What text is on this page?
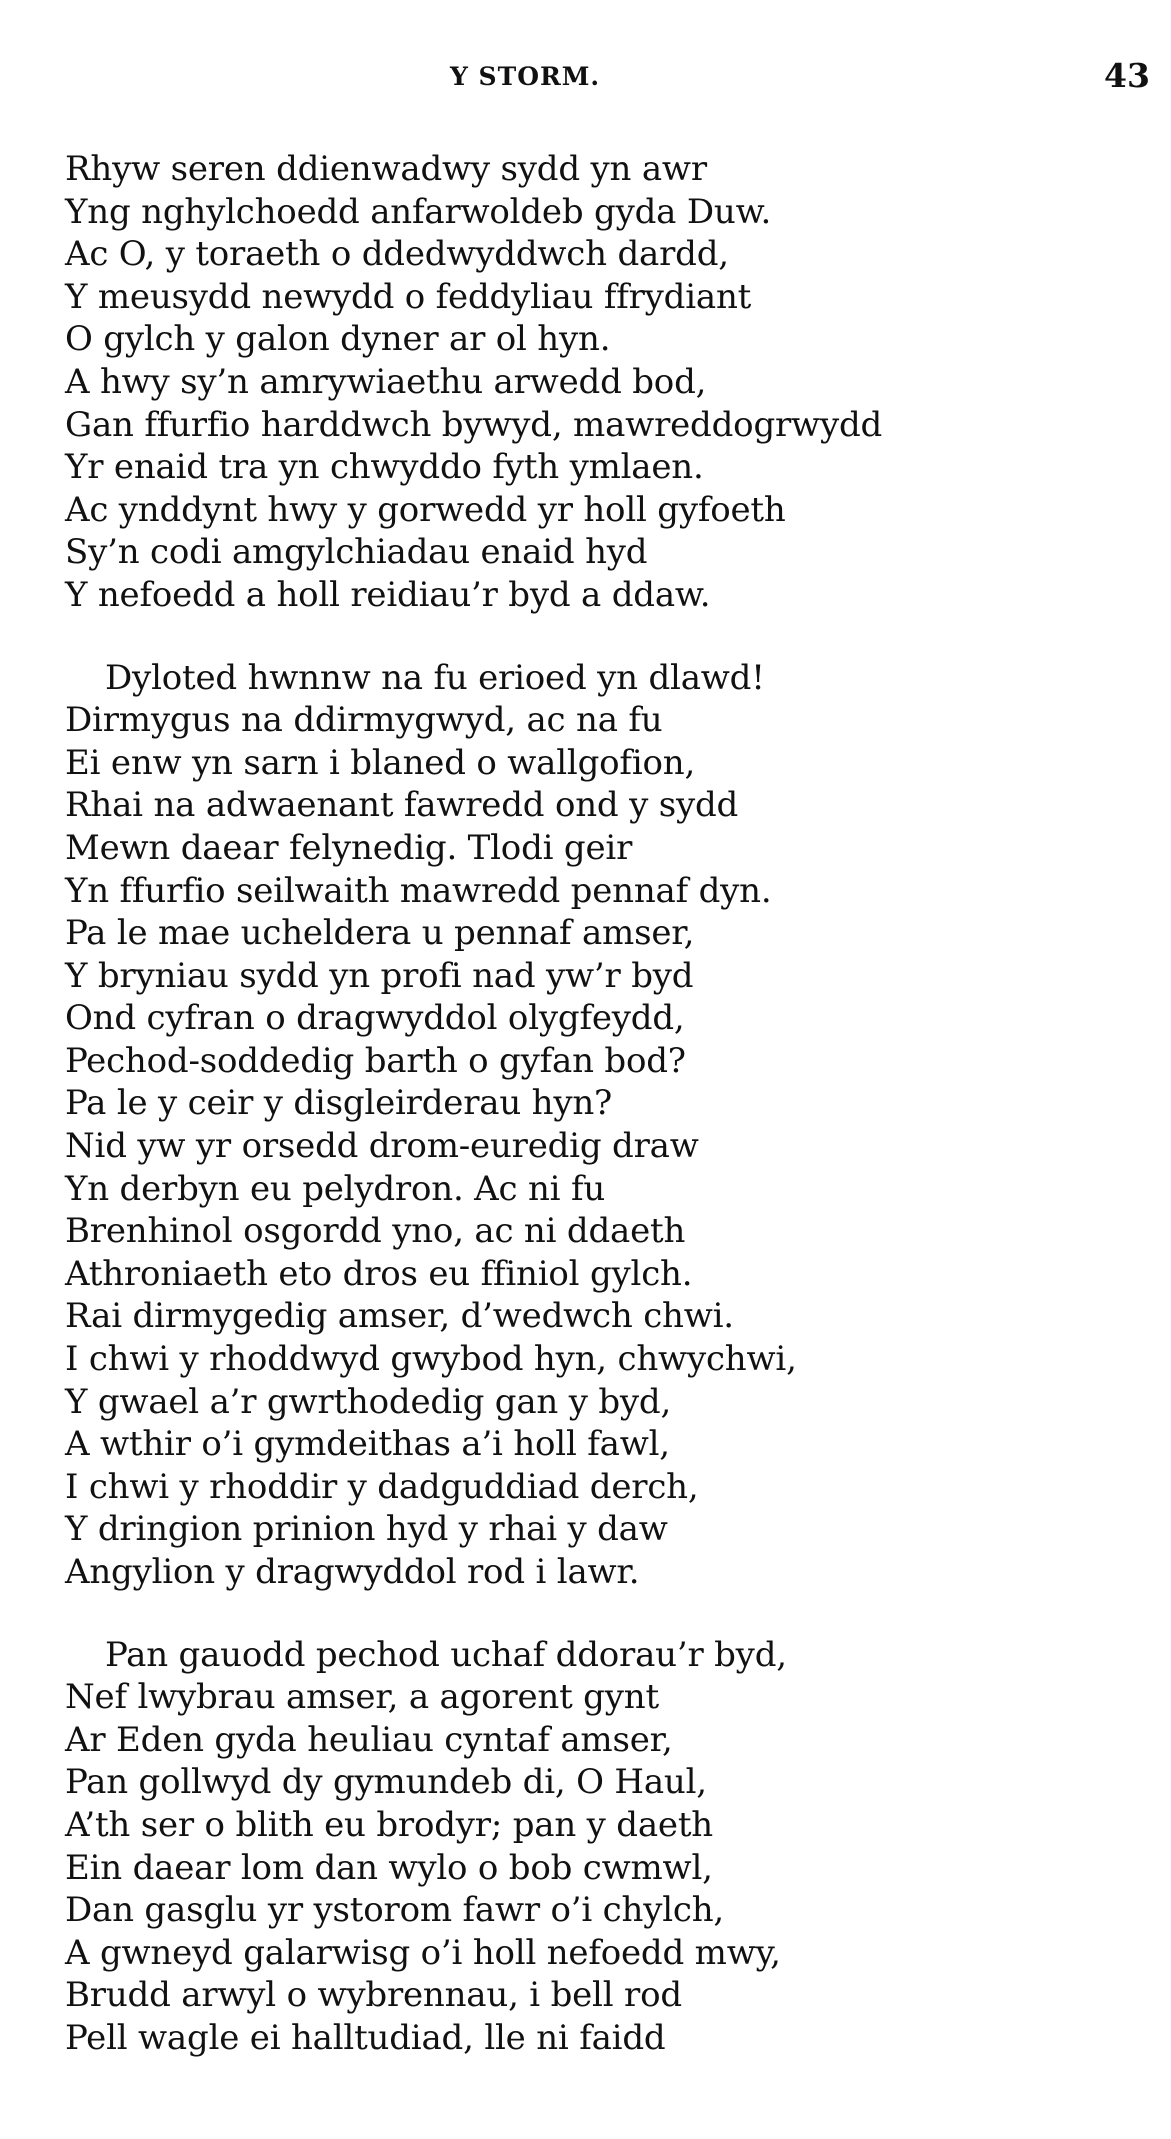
Y STORM.	43
Rhyw seren ddienwadwy sydd yn awr
Yng nghylchoedd anfarwoldeb gyda Duw.
Ac O, y toraeth o ddedwyddwch dardd,
Y meusydd newydd o feddyliau ffrydiant
O gylch y galon dyner ar ol hyn.
A hwy sy’n amrywiaethu arwedd bod,
Gan ffurfio harddwch bywyd, mawreddogrwydd
Yr enaid tra yn chwyddo fyth ymlaen.
Ac ynddynt hwy y gorwedd yr holl gyfoeth
Sy’n codi amgylchiadau enaid hyd
Y nefoedd a holl reidiau’r byd a ddaw.
Dyloted hwnnw na fu erioed yn dlawd!
Dirmygus na ddirmygwyd, ac na fu
Ei enw yn sarn i blaned o wallgofion,
Rhai na adwaenant fawredd ond y sydd
Mewn daear felynedig. Tlodi geir
Yn ffurfio seilwaith mawredd pennaf dyn.
Pa le mae ucheldera u pennaf amser,
Y bryniau sydd yn profi nad yw’r byd
Ond cyfran o dragwyddol olygfeydd,
Pechod-soddedig barth o gyfan bod?
Pa le y ceir y disgleirderau hyn?
Nid yw yr orsedd drom-euredig draw
Yn derbyn eu pelydron. Ac ni fu
Brenhinol osgordd yno, ac ni ddaeth
Athroniaeth eto dros eu ffiniol gylch.
Rai dirmygedig amser, d’wedwch chwi.
I chwi y rhoddwyd gwybod hyn, chwychwi,
Y gwael a’r gwrthodedig gan y byd,
A wthir o’i gymdeithas a’i holl fawl,
I chwi y rhoddir y dadguddiad derch,
Y dringion prinion hyd y rhai y daw
Angylion y dragwyddol rod i lawr.
Pan gauodd pechod uchaf ddorau’r byd,
Nef lwybrau amser, a agorent gynt
Ar Eden gyda heuliau cyntaf amser,
Pan gollwyd dy gymundeb di, O Haul,
A’th ser o blith eu brodyr; pan y daeth
Ein daear lom dan wylo o bob cwmwl,
Dan gasglu yr ystorom fawr o’i chylch,
A gwneyd galarwisg o’i holl nefoedd mwy,
Brudd arwyl o wybrennau, i bell rod
Pell wagle ei halltudiad, lle ni faidd
